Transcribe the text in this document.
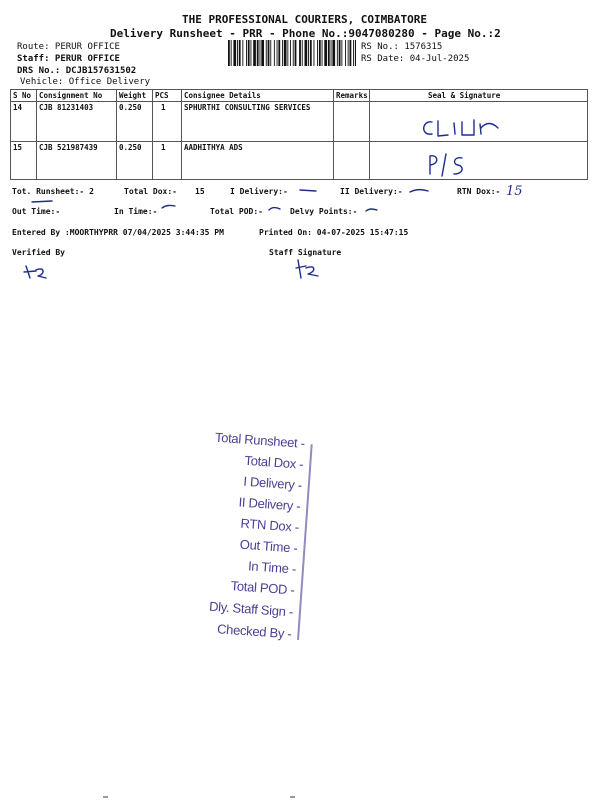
THE PROFESSIONAL COURIERS, COIMBATORE
Delivery Runsheet - PRR - Phone No.:9047080280 - Page No.:2
Route: PERUR OFFICE
Staff: PERUR OFFICE
DRS No.: DCJB157631502
Vehicle: Office Delivery
RS No.: 1576315
RS Date: 04-Jul-2025
S No	Consignment No	Weight	PCS	Consignee Details	Remarks	Seal & Signature
14	CJB 81231403	0.250	1	SPHURTHI CONSULTING SERVICES		
15	CJB 521987439	0.250	1	AADHITHYA ADS		
Tot. Runsheet:- 2	Total Dox:- 15	I Delivery:-	II Delivery:-	RTN Dox:- 15
Out Time:-	In Time:-	Total POD:-	Delvy Points:-
Entered By :MOORTHYPRR 07/04/2025 3:44:35 PM	Printed On: 04-07-2025 15:47:15
Verified By	Staff Signature
Total Runsheet -
Total Dox -
I Delivery -
II Delivery -
RTN Dox -
Out Time -
In Time -
Total POD -
Dly. Staff Sign -
Checked By -
